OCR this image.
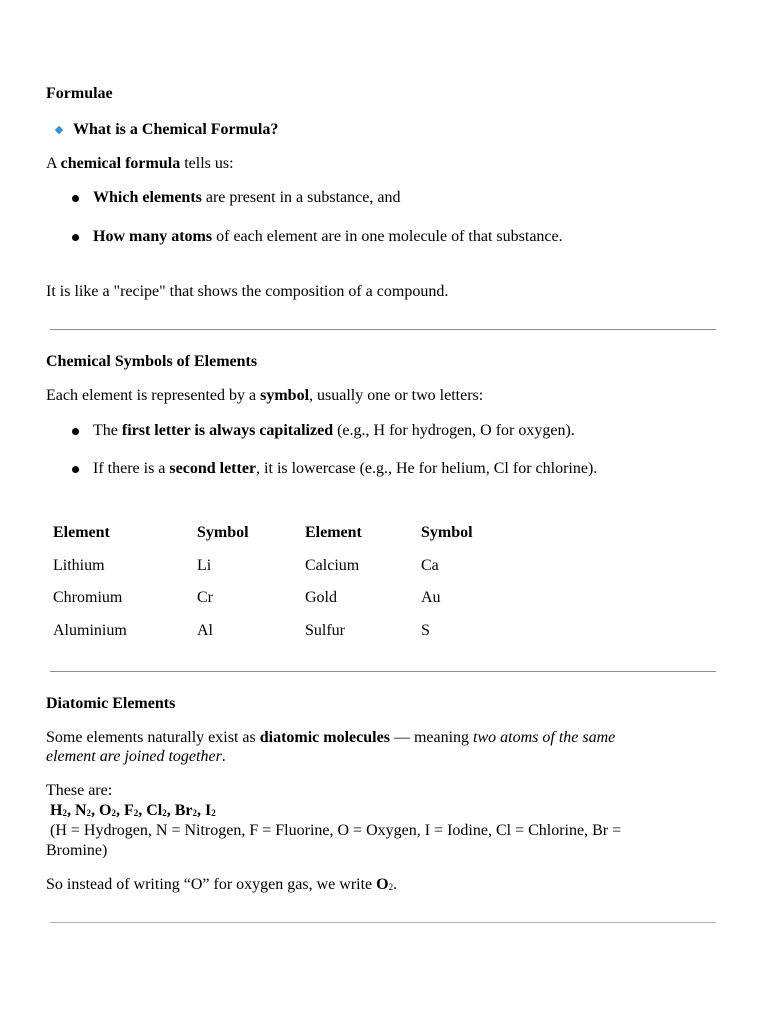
Formulae
What is a Chemical Formula?
A chemical formula tells us:
Which elements are present in a substance, and
How many atoms of each element are in one molecule of that substance.
It is like a "recipe" that shows the composition of a compound.
Chemical Symbols of Elements
Each element is represented by a symbol, usually one or two letters:
The first letter is always capitalized (e.g., H for hydrogen, O for oxygen).
If there is a second letter, it is lowercase (e.g., He for helium, Cl for chlorine).
Element	Symbol	Element	Symbol
Lithium	Li	Calcium	Ca
Chromium	Cr	Gold	Au
Aluminium	Al	Sulfur	S
Diatomic Elements
Some elements naturally exist as diatomic molecules — meaning two atoms of the same
element are joined together.
These are:
H2, N2, O2, F2, Cl2, Br2, I2
(H = Hydrogen, N = Nitrogen, F = Fluorine, O = Oxygen, I = Iodine, Cl = Chlorine, Br =
Bromine)
So instead of writing “O” for oxygen gas, we write O2.
